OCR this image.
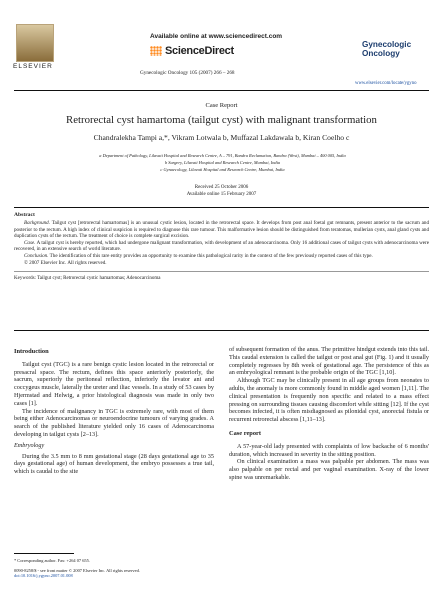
ELSEVIER
Available online at www.sciencedirect.com
ScienceDirect
Gynecologic Oncology 105 (2007) 266 – 268
Gynecologic
Oncology
www.elsevier.com/locate/ygyno
Case Report
Retrorectal cyst hamartoma (tailgut cyst) with malignant transformation
Chandralekha Tampi a,*, Vikram Lotwala b, Muffazal Lakdawala b, Kiran Coelho c
a Department of Pathology, Lilavati Hospital and Research Centre, A – 791, Bandra Reclamation, Bandra (West), Mumbai – 400 005, India
b Surgery, Lilavati Hospital and Research Centre, Mumbai, India
c Gynaecology, Lilavati Hospital and Research Centre, Mumbai, India
Received 25 October 2006
Available online 15 February 2007
Abstract

Background. Tailgut cyst [retrorectal hamartomas] is an unusual cystic lesion, located in the retrorectal space. It develops from post anal foetal gut remnants, present anterior to the sacrum and posterior to the rectum. A high index of clinical suspicion is required to diagnose this rare tumour. This malformative lesion should be distinguished from teratomas, mullerian cysts, anal gland cysts and duplication cysts of the rectum. The treatment of choice is complete surgical excision.

Case. A tailgut cyst is hereby reported, which had undergone malignant transformation, with development of an adenocarcinoma. Only 16 additional cases of tailgut cysts with adenocarcinoma were recovered, in an extensive search of world literature.

Conclusion. The identification of this rare entity provides an opportunity to examine this pathological rarity in the context of the few previously reported cases of this type.

© 2007 Elsevier Inc. All rights reserved.

Keywords: Tailgut cyst; Retrorectal cystic hamartomas; Adenocarcinoma
Introduction

Tailgut cyst (TGC) is a rare benign cystic lesion located in the retrorectal or presacral space. The rectum, defines this space anteriorly posteriorly, the sacrum, superiorly the peritoneal reflection, inferiorly the levator ani and coccygeus muscle, laterally the ureter and iliac vessels. In a study of 53 cases by Hjermstad and Helwig, a prior histological diagnosis was made in only two cases [1].

The incidence of malignancy in TGC is extremely rare, with most of them being either Adenocarcinomas or neuroendocrine tumours of varying grades. A search of the published literature yielded only 16 cases of Adenocarcinoma developing in tailgut cysts [2–13].

Embryology

During the 3.5 mm to 8 mm gestational stage (28 days gestational age to 35 days gestational age) of human development, the embryo possesses a true tail, which is caudal to the site

of subsequent formation of the anus. The primitive hindgut extends into this tail. This caudal extension is called the tailgut or post anal gut (Fig. 1) and it usually completely regresses by 8th week of gestational age. The persistence of this as an embryological remnant is the probable origin of the TGC [1,10].

Although TGC may be clinically present in all age groups from neonates to adults, the anomaly is more commonly found in middle aged women [1,11]. The clinical presentation is frequently non specific and related to a mass effect pressing on surrounding tissues causing discomfort while sitting [12]. If the cyst becomes infected, it is often misdiagnosed as pilonidal cyst, anorectal fistula or recurrent retrorectal abscess [1,11–13].

Case report

A 57-year-old lady presented with complaints of low backache of 6 months' duration, which increased in severity in the sitting position.

On clinical examination a mass was palpable per abdomen. The mass was also palpable on per rectal and per vaginal examination. X-ray of the lower spine was unremarkable.

* Corresponding author. Fax: +264 07 655.
0090-8258/$ - see front matter © 2007 Elsevier Inc. All rights reserved.
doi:10.1016/j.ygyno.2007.01.008
